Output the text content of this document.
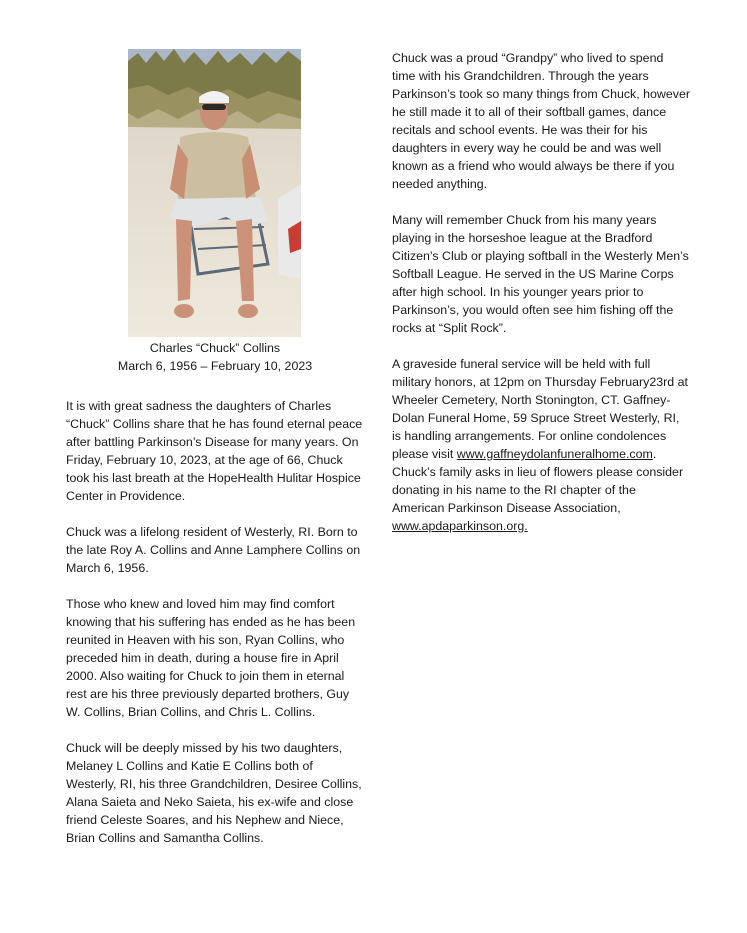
Charles “Chuck” Collins
March 6, 1956 – February 10, 2023

It is with great sadness the daughters of Charles “Chuck” Collins share that he has found eternal peace after battling Parkinson’s Disease for many years. On Friday, February 10, 2023, at the age of 66, Chuck took his last breath at the HopeHealth Hulitar Hospice Center in Providence.

Chuck was a lifelong resident of Westerly, RI. Born to the late Roy A. Collins and Anne Lamphere Collins on March 6, 1956.

Those who knew and loved him may find comfort knowing that his suffering has ended as he has been reunited in Heaven with his son, Ryan Collins, who preceded him in death, during a house fire in April 2000. Also waiting for Chuck to join them in eternal rest are his three previously departed brothers, Guy W. Collins, Brian Collins, and Chris L. Collins.

Chuck will be deeply missed by his two daughters, Melaney L Collins and Katie E Collins both of Westerly, RI, his three Grandchildren, Desiree Collins, Alana Saieta and Neko Saieta, his ex-wife and close friend Celeste Soares, and his Nephew and Niece, Brian Collins and Samantha Collins.

Chuck was a proud “Grandpy” who lived to spend time with his Grandchildren. Through the years Parkinson’s took so many things from Chuck, however he still made it to all of their softball games, dance recitals and school events. He was their for his daughters in every way he could be and was well known as a friend who would always be there if you needed anything.

Many will remember Chuck from his many years playing in the horseshoe league at the Bradford Citizen’s Club or playing softball in the Westerly Men’s Softball League. He served in the US Marine Corps after high school. In his younger years prior to Parkinson’s, you would often see him fishing off the rocks at “Split Rock”.

A graveside funeral service will be held with full military honors, at 12pm on Thursday February23rd at Wheeler Cemetery, North Stonington, CT. Gaffney-Dolan Funeral Home, 59 Spruce Street Westerly, RI, is handling arrangements. For online condolences please visit www.gaffneydolanfuneralhome.com. Chuck’s family asks in lieu of flowers please consider donating in his name to the RI chapter of the American Parkinson Disease Association, www.apdaparkinson.org.
